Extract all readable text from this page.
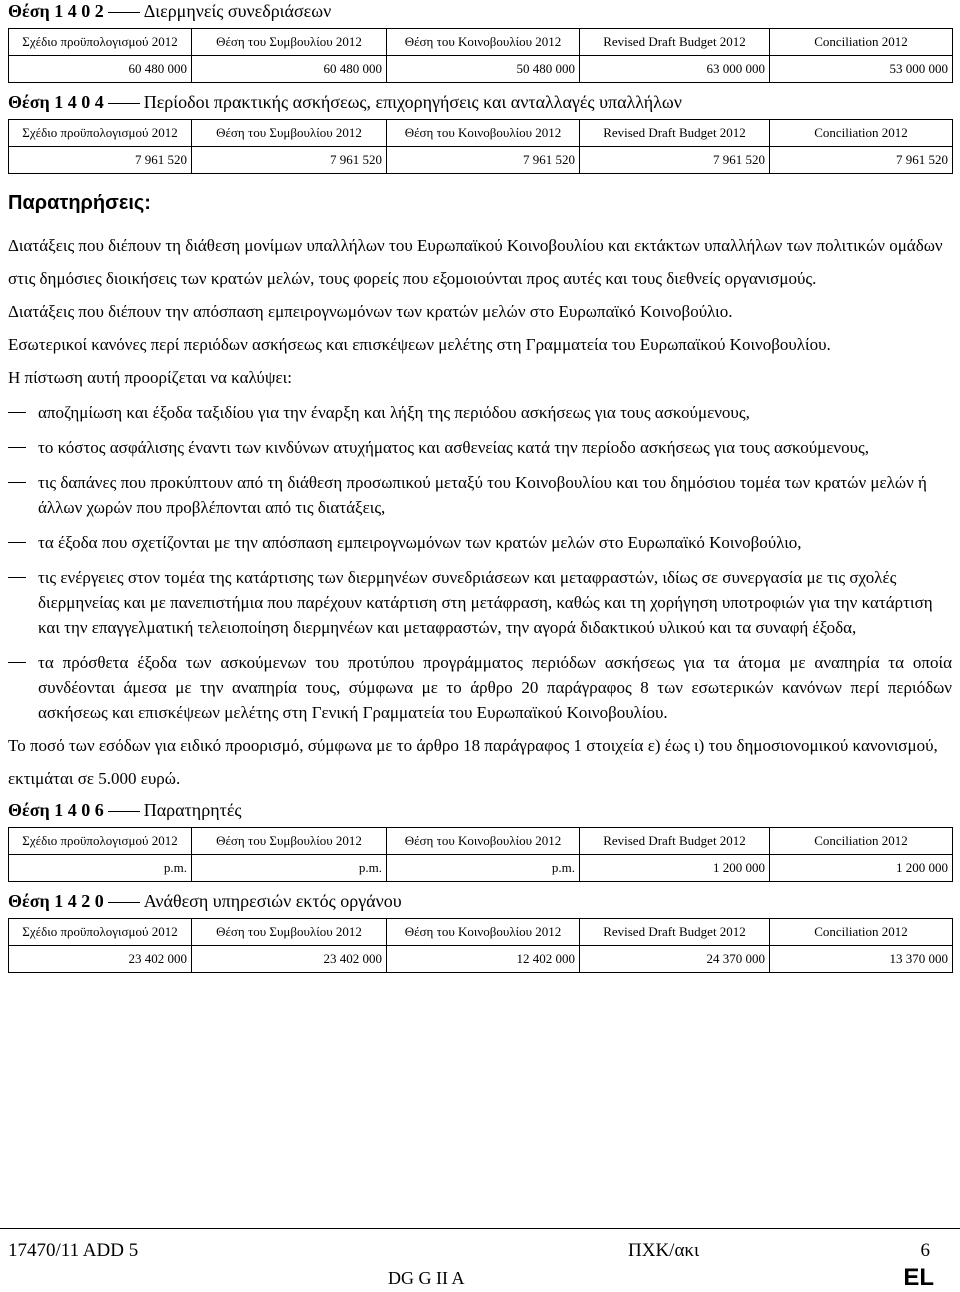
Θέση 1 4 0 2 Διερμηνείς συνεδριάσεων
Σχέδιο προϋπολογισμού 2012	Θέση του Συμβουλίου 2012	Θέση του Κοινοβουλίου 2012	Revised Draft Budget 2012	Conciliation 2012
60 480 000	60 480 000	50 480 000	63 000 000	53 000 000
Θέση 1 4 0 4 Περίοδοι πρακτικής ασκήσεως, επιχορηγήσεις και ανταλλαγές υπαλλήλων
Σχέδιο προϋπολογισμού 2012	Θέση του Συμβουλίου 2012	Θέση του Κοινοβουλίου 2012	Revised Draft Budget 2012	Conciliation 2012
7 961 520	7 961 520	7 961 520	7 961 520	7 961 520
Παρατηρήσεις:

Διατάξεις που διέπουν τη διάθεση μονίμων υπαλλήλων του Ευρωπαϊκού Κοινοβουλίου και εκτάκτων υπαλλήλων των πολιτικών ομάδων στις δημόσιες διοικήσεις των κρατών μελών, τους φορείς που εξομοιούνται προς αυτές και τους διεθνείς οργανισμούς.

Διατάξεις που διέπουν την απόσπαση εμπειρογνωμόνων των κρατών μελών στο Ευρωπαϊκό Κοινοβούλιο.

Εσωτερικοί κανόνες περί περιόδων ασκήσεως και επισκέψεων μελέτης στη Γραμματεία του Ευρωπαϊκού Κοινοβουλίου.

Η πίστωση αυτή προορίζεται να καλύψει:

αποζημίωση και έξοδα ταξιδίου για την έναρξη και λήξη της περιόδου ασκήσεως για τους ασκούμενους,
το κόστος ασφάλισης έναντι των κινδύνων ατυχήματος και ασθενείας κατά την περίοδο ασκήσεως για τους ασκούμενους,
τις δαπάνες που προκύπτουν από τη διάθεση προσωπικού μεταξύ του Κοινοβουλίου και του δημόσιου τομέα των κρατών μελών ή άλλων χωρών που προβλέπονται από τις διατάξεις,
τα έξοδα που σχετίζονται με την απόσπαση εμπειρογνωμόνων των κρατών μελών στο Ευρωπαϊκό Κοινοβούλιο,
τις ενέργειες στον τομέα της κατάρτισης των διερμηνέων συνεδριάσεων και μεταφραστών, ιδίως σε συνεργασία με τις σχολές διερμηνείας και με πανεπιστήμια που παρέχουν κατάρτιση στη μετάφραση, καθώς και τη χορήγηση υποτροφιών για την κατάρτιση και την επαγγελματική τελειοποίηση διερμηνέων και μεταφραστών, την αγορά διδακτικού υλικού και τα συναφή έξοδα,
τα πρόσθετα έξοδα των ασκούμενων του προτύπου προγράμματος περιόδων ασκήσεως για τα άτομα με αναπηρία τα οποία συνδέονται άμεσα με την αναπηρία τους, σύμφωνα με το άρθρο 20 παράγραφος 8 των εσωτερικών κανόνων περί περιόδων ασκήσεως και επισκέψεων μελέτης στη Γενική Γραμματεία του Ευρωπαϊκού Κοινοβουλίου.

Το ποσό των εσόδων για ειδικό προορισμό, σύμφωνα με το άρθρο 18 παράγραφος 1 στοιχεία ε) έως ι) του δημοσιονομικού κανονισμού, εκτιμάται σε 5.000 ευρώ.

Θέση 1 4 0 6 Παρατηρητές
Σχέδιο προϋπολογισμού 2012	Θέση του Συμβουλίου 2012	Θέση του Κοινοβουλίου 2012	Revised Draft Budget 2012	Conciliation 2012
p.m.	p.m.	p.m.	1 200 000	1 200 000
Θέση 1 4 2 0 Ανάθεση υπηρεσιών εκτός οργάνου
Σχέδιο προϋπολογισμού 2012	Θέση του Συμβουλίου 2012	Θέση του Κοινοβουλίου 2012	Revised Draft Budget 2012	Conciliation 2012
23 402 000	23 402 000	12 402 000	24 370 000	13 370 000
17470/11 ADD 5
DG G II A
ΠΧΚ/ακι	6
EL
